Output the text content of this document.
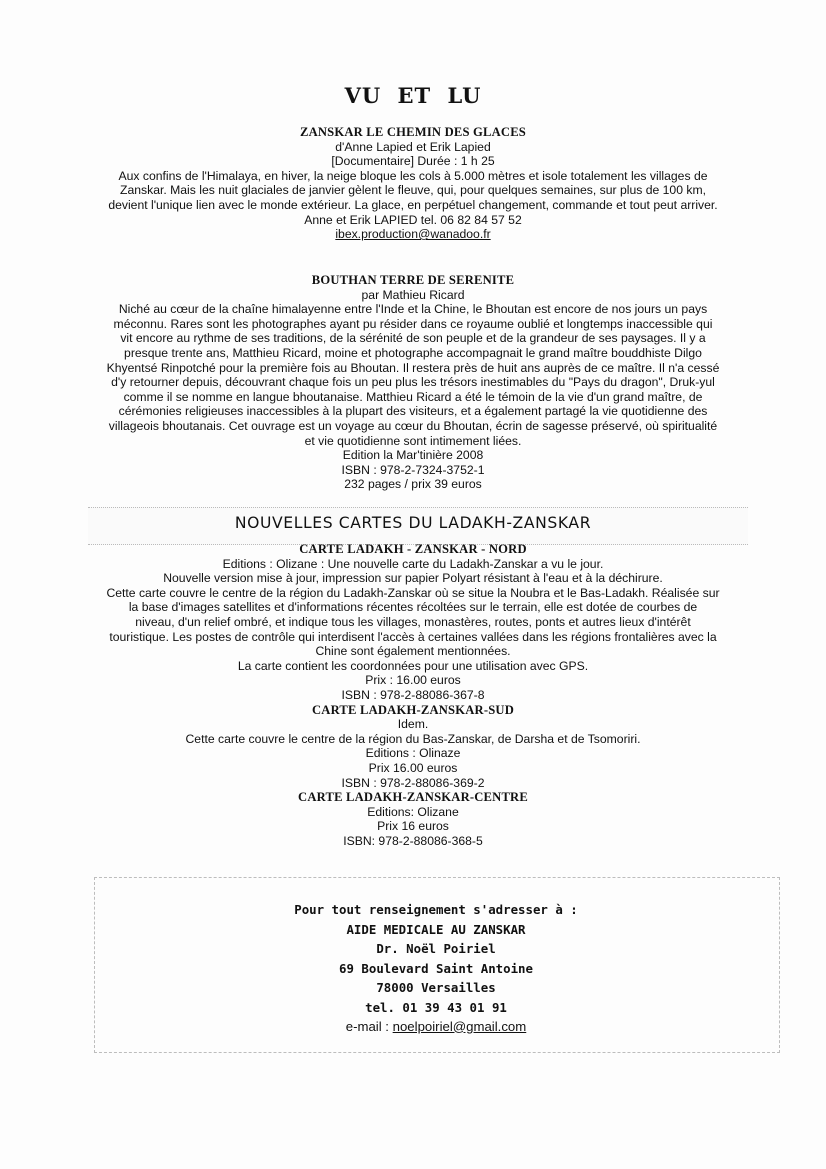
VU ET LU
ZANSKAR LE CHEMIN DES GLACES
d'Anne Lapied et Erik Lapied
[Documentaire] Durée : 1 h 25
Aux confins de l'Himalaya, en hiver, la neige bloque les cols à 5.000 mètres et isole totalement les villages de
Zanskar. Mais les nuit glaciales de janvier gèlent le fleuve, qui, pour quelques semaines, sur plus de 100 km,
devient l'unique lien avec le monde extérieur. La glace, en perpétuel changement, commande et tout peut arriver.
Anne et Erik LAPIED tel. 06 82 84 57 52
ibex.production@wanadoo.fr
BOUTHAN TERRE DE SERENITE
par Mathieu Ricard
Niché au cœur de la chaîne himalayenne entre l'Inde et la Chine, le Bhoutan est encore de nos jours un pays
méconnu. Rares sont les photographes ayant pu résider dans ce royaume oublié et longtemps inaccessible qui
vit encore au rythme de ses traditions, de la sérénité de son peuple et de la grandeur de ses paysages. Il y a
presque trente ans, Matthieu Ricard, moine et photographe accompagnait le grand maître bouddhiste Dilgo
Khyentsé Rinpotché pour la première fois au Bhoutan. Il restera près de huit ans auprès de ce maître. Il n'a cessé
d'y retourner depuis, découvrant chaque fois un peu plus les trésors inestimables du "Pays du dragon", Druk-yul
comme il se nomme en langue bhoutanaise. Matthieu Ricard a été le témoin de la vie d'un grand maître, de
cérémonies religieuses inaccessibles à la plupart des visiteurs, et a également partagé la vie quotidienne des
villageois bhoutanais. Cet ouvrage est un voyage au cœur du Bhoutan, écrin de sagesse préservé, où spiritualité
et vie quotidienne sont intimement liées.
Edition la Mar'tinière 2008
ISBN : 978-2-7324-3752-1
232 pages / prix 39 euros
NOUVELLES CARTES DU LADAKH-ZANSKAR
CARTE LADAKH - ZANSKAR - NORD
Editions : Olizane : Une nouvelle carte du Ladakh-Zanskar a vu le jour.
Nouvelle version mise à jour, impression sur papier Polyart résistant à l'eau et à la déchirure.
Cette carte couvre le centre de la région du Ladakh-Zanskar où se situe la Noubra et le Bas-Ladakh. Réalisée sur
la base d'images satellites et d'informations récentes récoltées sur le terrain, elle est dotée de courbes de
niveau, d'un relief ombré, et indique tous les villages, monastères, routes, ponts et autres lieux d'intérêt
touristique. Les postes de contrôle qui interdisent l'accès à certaines vallées dans les régions frontalières avec la
Chine sont également mentionnées.
La carte contient les coordonnées pour une utilisation avec GPS.
Prix : 16.00 euros
ISBN : 978-2-88086-367-8
CARTE LADAKH-ZANSKAR-SUD
Idem.
Cette carte couvre le centre de la région du Bas-Zanskar, de Darsha et de Tsomoriri.
Editions : Olinaze
Prix 16.00 euros
ISBN : 978-2-88086-369-2
CARTE LADAKH-ZANSKAR-CENTRE
Editions: Olizane
Prix 16 euros
ISBN: 978-2-88086-368-5
Pour tout renseignement s'adresser à :
AIDE MEDICALE AU ZANSKAR
Dr. Noël Poiriel
69 Boulevard Saint Antoine
78000 Versailles
tel. 01 39 43 01 91
e-mail : noelpoiriel@gmail.com
